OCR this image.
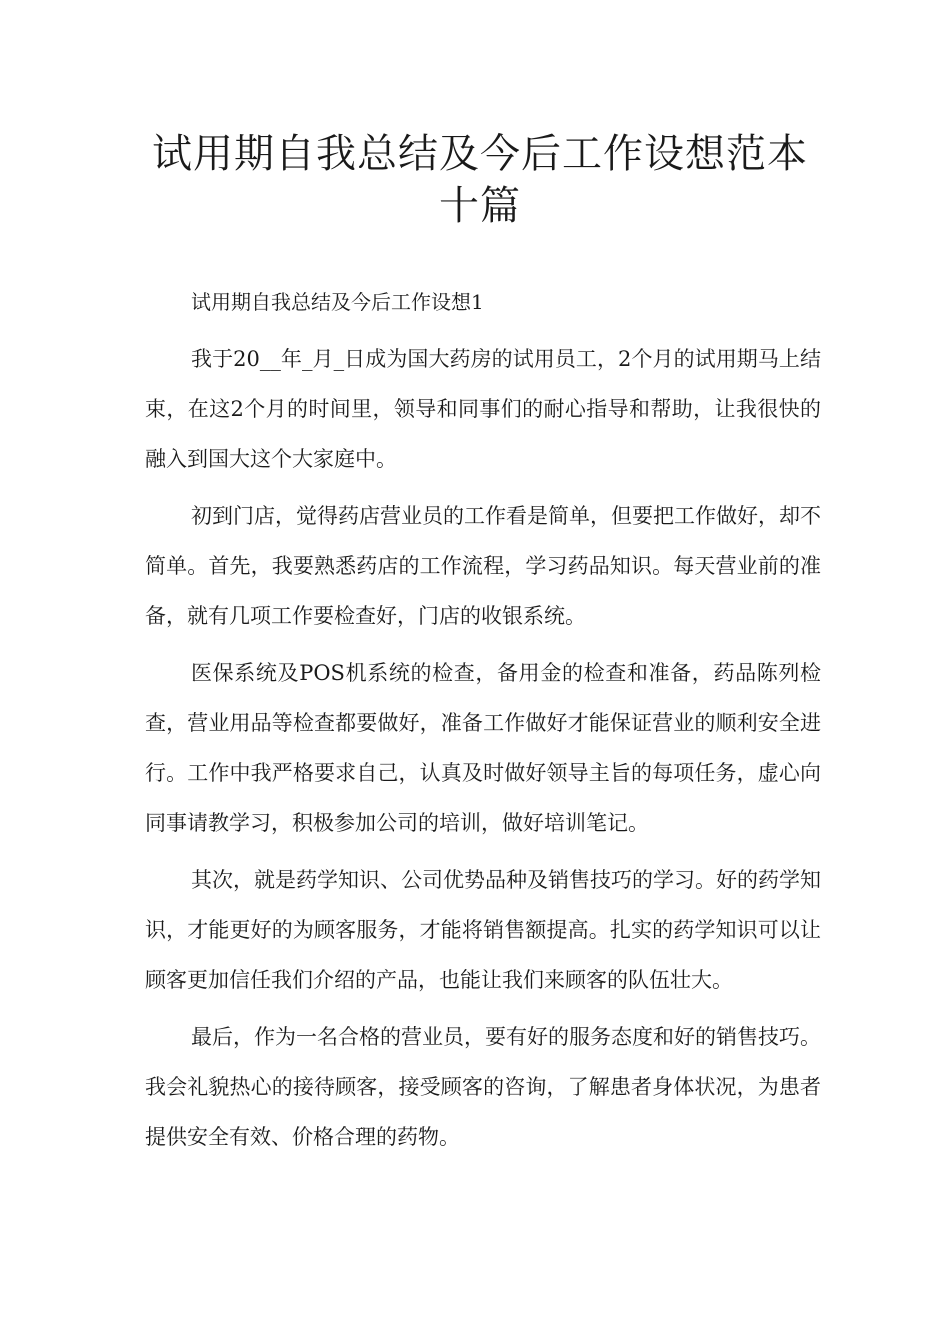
试用期自我总结及今后工作设想范本十篇

试用期自我总结及今后工作设想1

我于20__年_月_日成为国大药房的试用员工，2个月的试用期马上结束，在这2个月的时间里，领导和同事们的耐心指导和帮助，让我很快的融入到国大这个大家庭中。

初到门店，觉得药店营业员的工作看是简单，但要把工作做好，却不简单。首先，我要熟悉药店的工作流程，学习药品知识。每天营业前的准备，就有几项工作要检查好，门店的收银系统。

医保系统及POS机系统的检查，备用金的检查和准备，药品陈列检查，营业用品等检查都要做好，准备工作做好才能保证营业的顺利安全进行。工作中我严格要求自己，认真及时做好领导主旨的每项任务，虚心向同事请教学习，积极参加公司的培训，做好培训笔记。

其次，就是药学知识、公司优势品种及销售技巧的学习。好的药学知识，才能更好的为顾客服务，才能将销售额提高。扎实的药学知识可以让顾客更加信任我们介绍的产品，也能让我们来顾客的队伍壮大。

最后，作为一名合格的营业员，要有好的服务态度和好的销售技巧。我会礼貌热心的接待顾客，接受顾客的咨询，了解患者身体状况，为患者提供安全有效、价格合理的药物。
